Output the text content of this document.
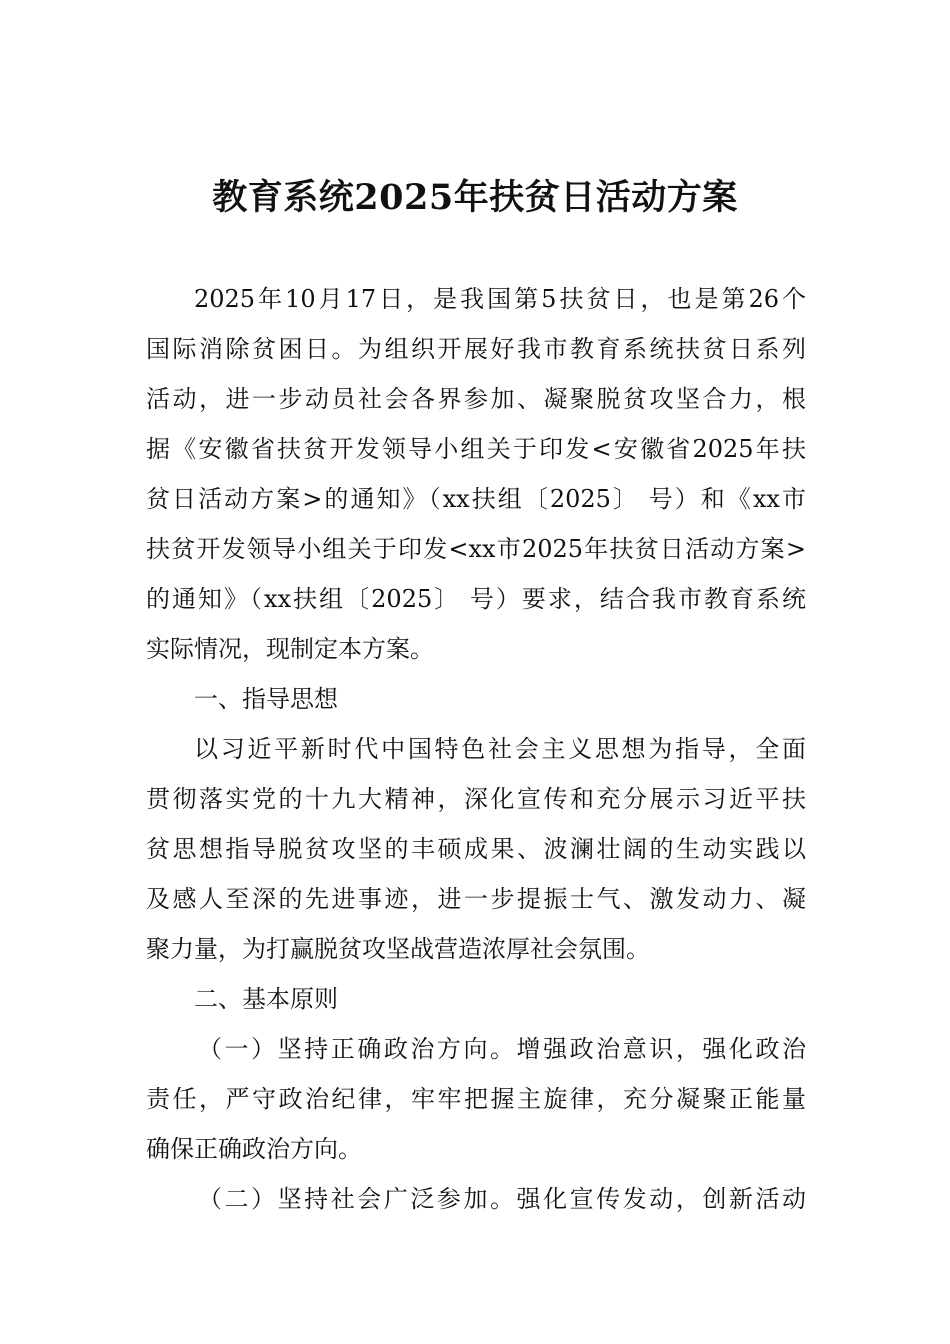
教育系统2025年扶贫日活动方案

2025年10月17日，是我国第5扶贫日，也是第26个

国际消除贫困日。为组织开展好我市教育系统扶贫日系列

活动，进一步动员社会各界参加、凝聚脱贫攻坚合力，根

据《安徽省扶贫开发领导小组关于印发<安徽省2025年扶

贫日活动方案>的通知》（xx扶组〔2025〕 号）和《xx市

扶贫开发领导小组关于印发<xx市2025年扶贫日活动方案>

的通知》（xx扶组〔2025〕 号）要求，结合我市教育系统

实际情况，现制定本方案。

一、指导思想

以习近平新时代中国特色社会主义思想为指导，全面

贯彻落实党的十九大精神，深化宣传和充分展示习近平扶

贫思想指导脱贫攻坚的丰硕成果、波澜壮阔的生动实践以

及感人至深的先进事迹，进一步提振士气、激发动力、凝

聚力量，为打赢脱贫攻坚战营造浓厚社会氛围。

二、基本原则

（一）坚持正确政治方向。增强政治意识，强化政治

责任，严守政治纪律，牢牢把握主旋律，充分凝聚正能量

确保正确政治方向。

（二）坚持社会广泛参加。强化宣传发动，创新活动
